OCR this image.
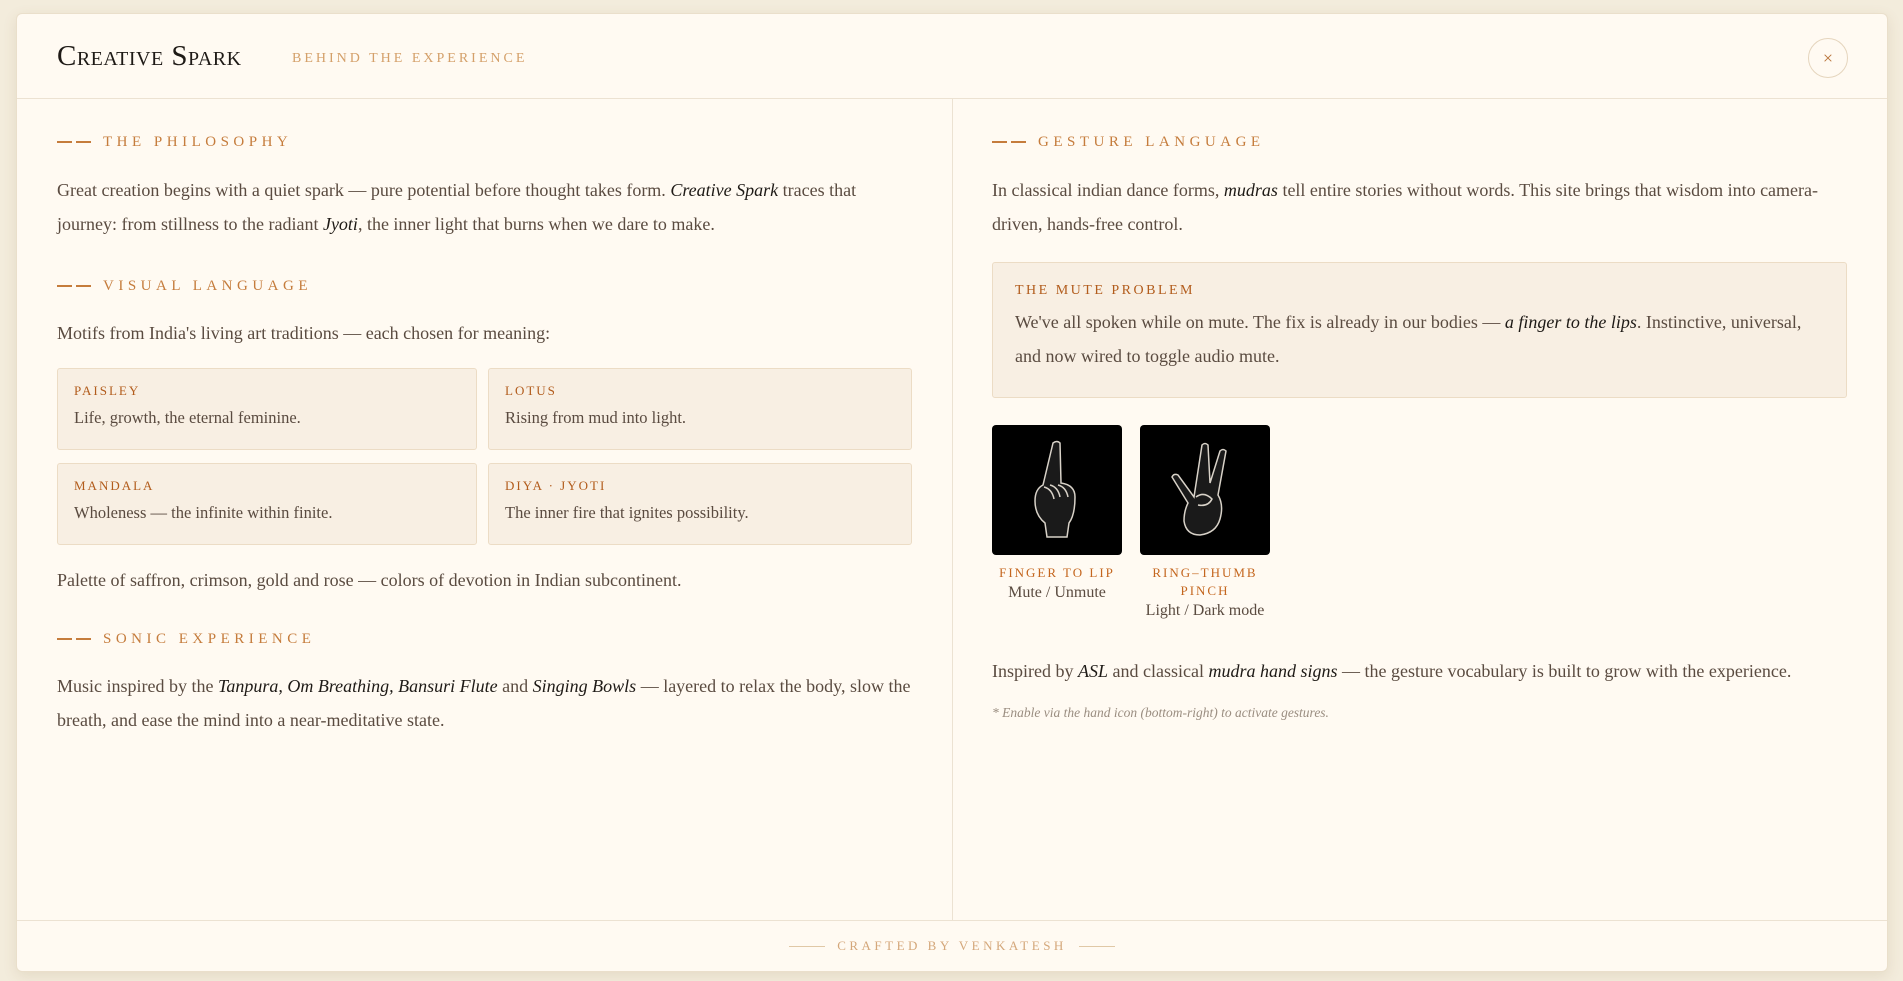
Creative Spark	BEHIND THE EXPERIENCE	×
THE PHILOSOPHY

Great creation begins with a quiet spark — pure potential before thought takes form. Creative Spark traces that journey: from stillness to the radiant Jyoti, the inner light that burns when we dare to make.

VISUAL LANGUAGE

Motifs from India's living art traditions — each chosen for meaning:

PAISLEY
Life, growth, the eternal feminine.
LOTUS
Rising from mud into light.
MANDALA
Wholeness — the infinite within finite.
DIYA · JYOTI
The inner fire that ignites possibility.

Palette of saffron, crimson, gold and rose — colors of devotion in Indian subcontinent.

SONIC EXPERIENCE

Music inspired by the Tanpura, Om Breathing, Bansuri Flute and Singing Bowls — layered to relax the body, slow the breath, and ease the mind into a near-meditative state.

GESTURE LANGUAGE

In classical indian dance forms, mudras tell entire stories without words. This site brings that wisdom into camera-driven, hands-free control.

THE MUTE PROBLEM

We've all spoken while on mute. The fix is already in our bodies — a finger to the lips. Instinctive, universal, and now wired to toggle audio mute.

FINGER TO LIP
Mute / Unmute
RING–THUMB PINCH
Light / Dark mode

Inspired by ASL and classical mudra hand signs — the gesture vocabulary is built to grow with the experience.

* Enable via the hand icon (bottom-right) to activate gestures.
CRAFTED BY VENKATESH
